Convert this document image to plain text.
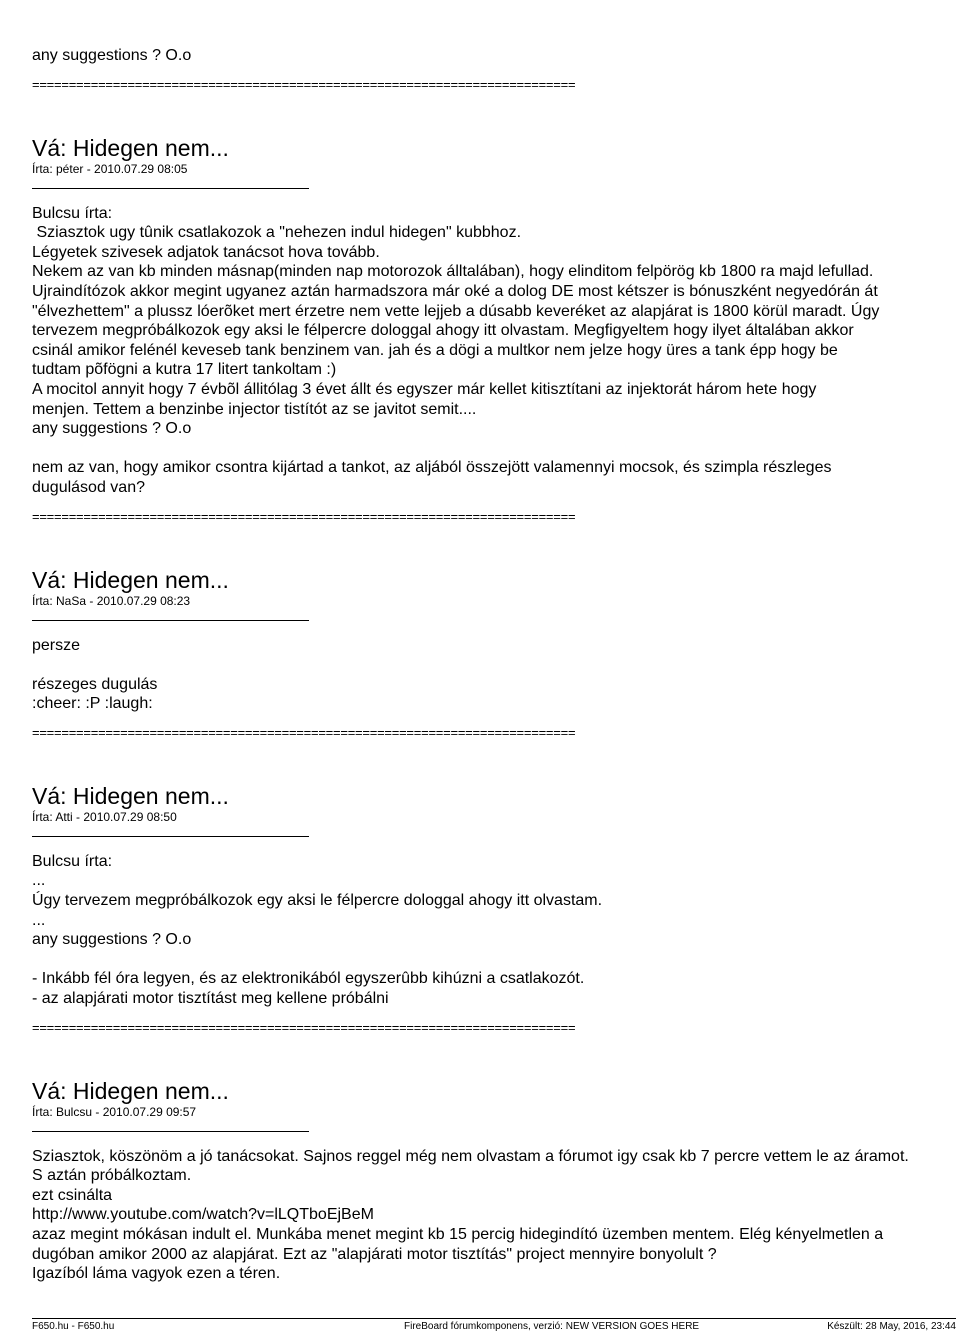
any suggestions ? O.o
==========================================================================
Vá: Hidegen nem...
Írta: péter - 2010.07.29 08:05
Bulcsu írta:
Sziasztok ugy tûnik csatlakozok a "nehezen indul hidegen" kubbhoz.
Légyetek szivesek adjatok tanácsot hova tovább.
Nekem az van kb minden másnap(minden nap motorozok álltalában), hogy elinditom felpörög kb 1800 ra majd lefullad.
Ujraindítózok akkor megint ugyanez aztán harmadszora már oké a dolog DE most kétszer is bónuszként negyedórán át
"élvezhettem" a plussz lóerõket mert érzetre nem vette lejjeb a dúsabb keveréket az alapjárat is 1800 körül maradt. Úgy
tervezem megpróbálkozok egy aksi le félpercre dologgal ahogy itt olvastam. Megfigyeltem hogy ilyet általában akkor
csinál amikor felénél keveseb tank benzinem van. jah és a dögi a multkor nem jelze hogy üres a tank épp hogy be
tudtam põfögni a kutra 17 litert tankoltam :)
A mocitol annyit hogy 7 évbõl állitólag 3 évet állt és egyszer már kellet kitisztítani az injektorát három hete hogy
menjen. Tettem a benzinbe injector tistítót az se javitot semit....
any suggestions ? O.o
nem az van, hogy amikor csontra kijártad a tankot, az aljából összejött valamennyi mocsok, és szimpla részleges
dugulásod van?
==========================================================================
Vá: Hidegen nem...
Írta: NaSa - 2010.07.29 08:23
persze
részeges dugulás
:cheer: :P :laugh:
==========================================================================
Vá: Hidegen nem...
Írta: Atti - 2010.07.29 08:50
Bulcsu írta:
...
Úgy tervezem megpróbálkozok egy aksi le félpercre dologgal ahogy itt olvastam.
...
any suggestions ? O.o
- Inkább fél óra legyen, és az elektronikából egyszerûbb kihúzni a csatlakozót.
- az alapjárati motor tisztítást meg kellene próbálni
==========================================================================
Vá: Hidegen nem...
Írta: Bulcsu - 2010.07.29 09:57
Sziasztok, köszönöm a jó tanácsokat. Sajnos reggel még nem olvastam a fórumot igy csak kb 7 percre vettem le az áramot.
S aztán próbálkoztam.
ezt csinálta
http://www.youtube.com/watch?v=lLQTboEjBeM
azaz megint mókásan indult el. Munkába menet megint kb 15 percig hidegindító üzemben mentem. Elég kényelmetlen a
dugóban amikor 2000 az alapjárat. Ezt az "alapjárati motor tisztítás" project mennyire bonyolult ?
Igazíból láma vagyok ezen a téren.
F650.hu - F650.hu	FireBoard fórumkomponens, verzió: NEW VERSION GOES HERE	Készült: 28 May, 2016, 23:44
